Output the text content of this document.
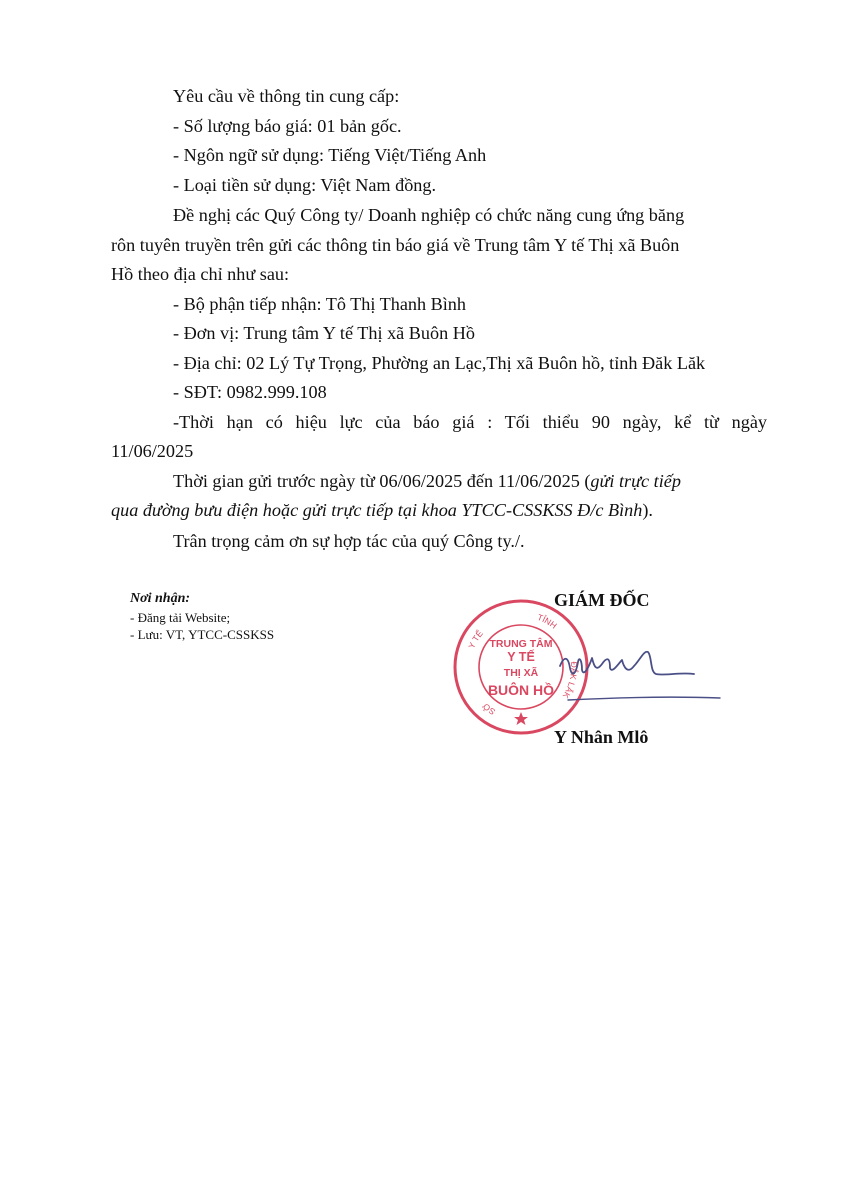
Yêu cầu về thông tin cung cấp:
- Số lượng báo giá: 01 bản gốc.
- Ngôn ngữ sử dụng: Tiếng Việt/Tiếng Anh
- Loại tiền sử dụng: Việt Nam đồng.
Đề nghị các Quý Công ty/ Doanh nghiệp có chức năng cung ứng băng
rôn tuyên truyền trên gửi các thông tin báo giá về Trung tâm Y tế Thị xã Buôn
Hồ theo địa chỉ như sau:
- Bộ phận tiếp nhận: Tô Thị Thanh Bình
- Đơn vị: Trung tâm Y tế Thị xã Buôn Hồ
- Địa chỉ: 02 Lý Tự Trọng, Phường an Lạc,Thị xã Buôn hồ, tỉnh Đăk Lăk
- SĐT: 0982.999.108
-Thời hạn có hiệu lực của báo giá : Tối thiểu 90 ngày, kể từ ngày
11/06/2025
Thời gian gửi trước ngày từ 06/06/2025 đến 11/06/2025 (gửi trực tiếp
qua đường bưu điện hoặc gửi trực tiếp tại khoa YTCC-CSSKSS Đ/c Bình).
Trân trọng cảm ơn sự hợp tác của quý Công ty./.
Nơi nhận:
- Đăng tải Website;
- Lưu: VT, YTCC-CSSKSS
GIÁM ĐỐC
Y TẾ
TỈNH
ĐẮK LẮK
SỞ
TRUNG TÂM
Y TẾ
THỊ XÃ
BUÔN HỒ
Y Nhân Mlô
